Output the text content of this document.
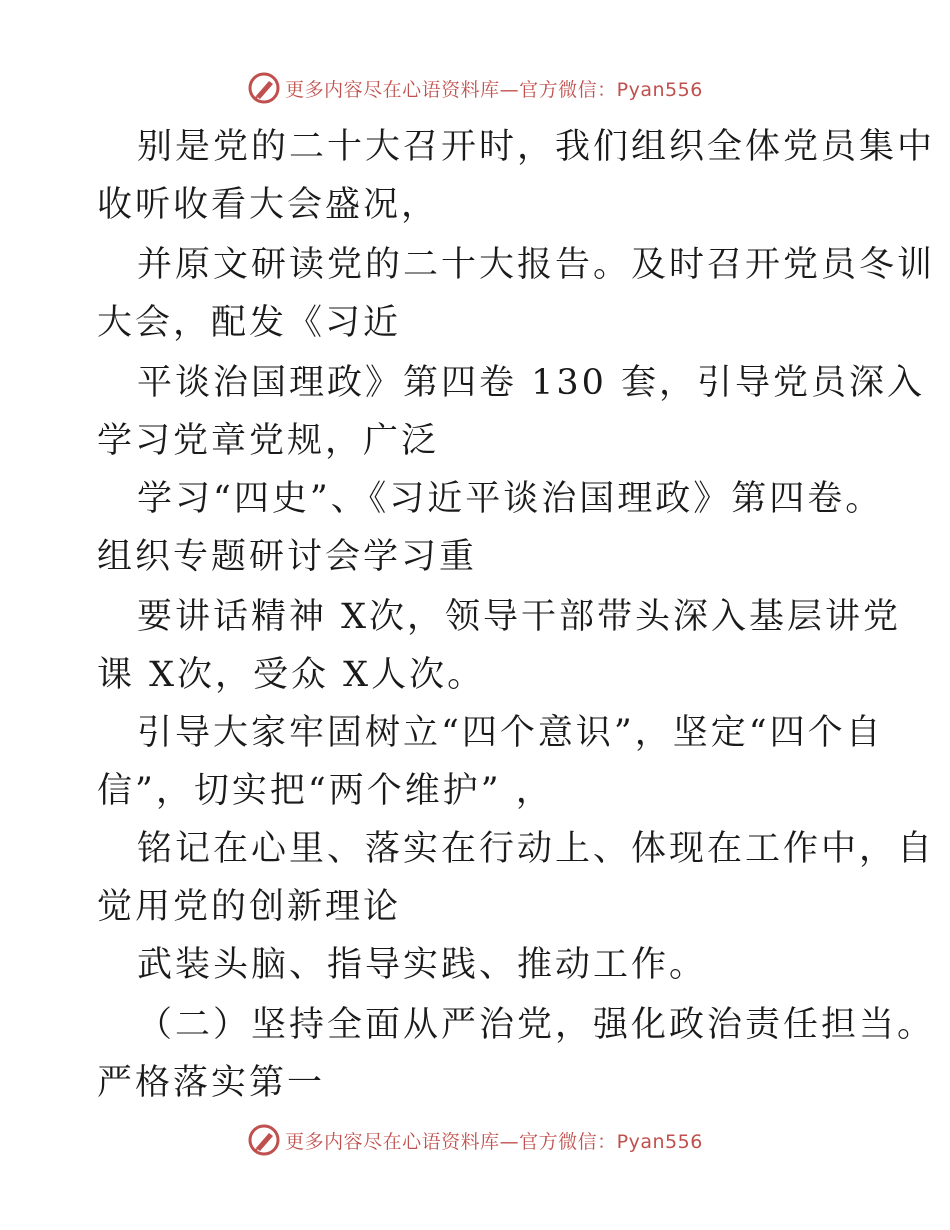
更多内容尽在心语资料库—官方微信：Pyan556
别是党的二十大召开时，我们组织全体党员集中
收听收看大会盛况，
并原文研读党的二十大报告。及时召开党员冬训
大会，配发《习近
平谈治国理政》第四卷 130 套，引导党员深入
学习党章党规，广泛
学习“四史”、《习近平谈治国理政》第四卷。
组织专题研讨会学习重
要讲话精神 X次，领导干部带头深入基层讲党
课 X次，受众 X人次。
引导大家牢固树立“四个意识”，坚定“四个自
信”，切实把“两个维护” ，
铭记在心里、落实在行动上、体现在工作中，自
觉用党的创新理论
武装头脑、指导实践、推动工作。
（二）坚持全面从严治党，强化政治责任担当。
严格落实第一
更多内容尽在心语资料库—官方微信：Pyan556
